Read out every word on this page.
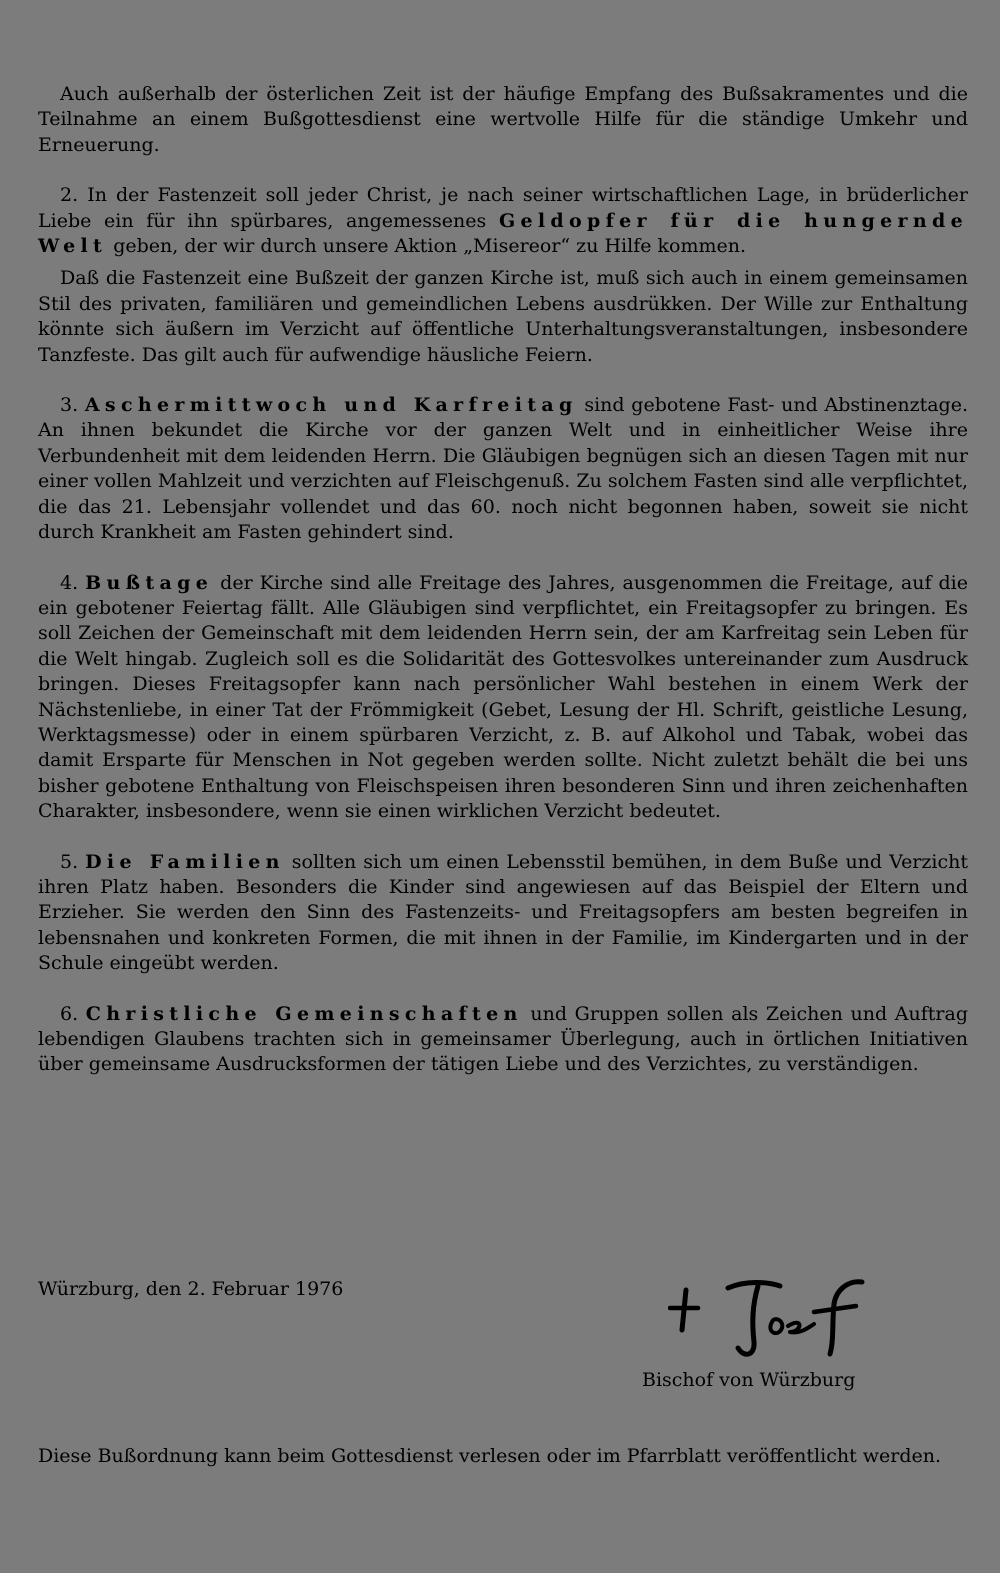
Auch außerhalb der österlichen Zeit ist der häufige Empfang des Bußsakramentes und die Teilnahme an einem Bußgottesdienst eine wertvolle Hilfe für die ständige Umkehr und Erneuerung.

2. In der Fastenzeit soll jeder Christ, je nach seiner wirtschaftlichen Lage, in brüderlicher Liebe ein für ihn spürbares, angemessenes Geldopfer für die hungernde Welt geben, der wir durch unsere Aktion „Misereor“ zu Hilfe kommen.

Daß die Fastenzeit eine Bußzeit der ganzen Kirche ist, muß sich auch in einem gemeinsamen Stil des privaten, familiären und gemeindlichen Lebens ausdrükken. Der Wille zur Enthaltung könnte sich äußern im Verzicht auf öffentliche Unterhaltungsveranstaltungen, insbesondere Tanzfeste. Das gilt auch für aufwendige häusliche Feiern.

3. Aschermittwoch und Karfreitag sind gebotene Fast- und Abstinenztage. An ihnen bekundet die Kirche vor der ganzen Welt und in einheitlicher Weise ihre Verbundenheit mit dem leidenden Herrn. Die Gläubigen begnügen sich an diesen Tagen mit nur einer vollen Mahlzeit und verzichten auf Fleischgenuß. Zu solchem Fasten sind alle verpflichtet, die das 21. Lebensjahr vollendet und das 60. noch nicht begonnen haben, soweit sie nicht durch Krankheit am Fasten gehindert sind.

4. Bußtage der Kirche sind alle Freitage des Jahres, ausgenommen die Freitage, auf die ein gebotener Feiertag fällt. Alle Gläubigen sind verpflichtet, ein Freitagsopfer zu bringen. Es soll Zeichen der Gemeinschaft mit dem leidenden Herrn sein, der am Karfreitag sein Leben für die Welt hingab. Zugleich soll es die Solidarität des Gottesvolkes untereinander zum Ausdruck bringen. Dieses Freitagsopfer kann nach persönlicher Wahl bestehen in einem Werk der Nächstenliebe, in einer Tat der Frömmigkeit (Gebet, Lesung der Hl. Schrift, geistliche Lesung, Werktagsmesse) oder in einem spürbaren Verzicht, z. B. auf Alkohol und Tabak, wobei das damit Ersparte für Menschen in Not gegeben werden sollte. Nicht zuletzt behält die bei uns bisher gebotene Enthaltung von Fleischspeisen ihren besonderen Sinn und ihren zeichenhaften Charakter, insbesondere, wenn sie einen wirklichen Verzicht bedeutet.

5. Die Familien sollten sich um einen Lebensstil bemühen, in dem Buße und Verzicht ihren Platz haben. Besonders die Kinder sind angewiesen auf das Beispiel der Eltern und Erzieher. Sie werden den Sinn des Fastenzeits- und Freitagsopfers am besten begreifen in lebensnahen und konkreten Formen, die mit ihnen in der Familie, im Kindergarten und in der Schule eingeübt werden.

6. Christliche Gemeinschaften und Gruppen sollen als Zeichen und Auftrag lebendigen Glaubens trachten sich in gemeinsamer Überlegung, auch in örtlichen Initiativen über gemeinsame Ausdrucksformen der tätigen Liebe und des Verzichtes, zu verständigen.

Würzburg, den 2. Februar 1976
Bischof von Würzburg
Diese Bußordnung kann beim Gottesdienst verlesen oder im Pfarrblatt veröffentlicht werden.
